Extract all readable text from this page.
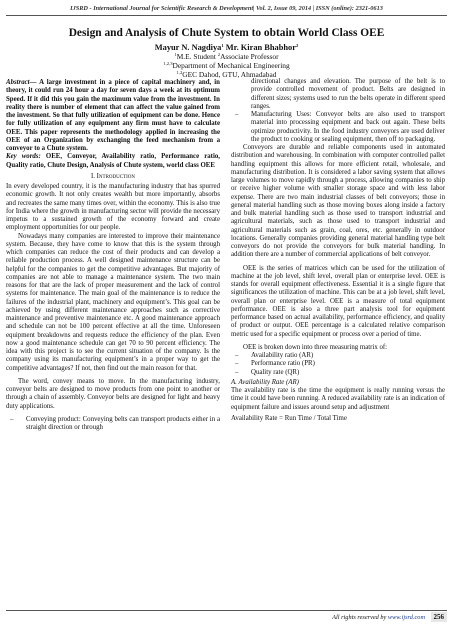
IJSRD - International Journal for Scientific Research & Development| Vol. 2, Issue 09, 2014 | ISSN (online): 2321-0613
Design and Analysis of Chute System to obtain World Class OEE
Mayur N. Nagdiya$^1$ Mr. Kiran Bhabhor$^2$
$^1$M.E. Student $^2$Associate Professor
$^{1,2,3}$Department of Mechanical Engineering
$^{1,2}$GEC Dahod, GTU, Ahmadabad

Abstract— A large investment in a piece of capital machinery and, in theory, it could run 24 hour a day for seven days a week at its optimum Speed. If it did this you gain the maximum value from the investment. In reality there is number of element that can affect the value gained from the investment. So that fully utilization of equipment can be done. Hence for fully utilization of any equipment any firm must have to calculate OEE. This paper represents the methodology applied in increasing the OEE of an Organization by exchanging the feed mechanism from a conveyor to a Chute system.

Key words: OEE, Conveyor, Availability ratio, Performance ratio, Quality ratio, Chute Design, Analysis of Chute system, world class OEE

I. Introduction

In every developed country, it is the manufacturing industry that has spurred economic growth. It not only creates wealth but more importantly, absorbs and recreates the same many times over, within the economy. This is also true for India where the growth in manufacturing sector will provide the necessary impetus to a sustained growth of the economy forward and create employment opportunities for our people.

Nowadays many companies are interested to improve their maintenance system. Because, they have come to know that this is the system through which companies can reduce the cost of their products and can develop a reliable production process. A well designed maintenance structure can be helpful for the companies to get the competitive advantages. But majority of companies are not able to manage a maintenance system. The two main reasons for that are the lack of proper measurement and the lack of control systems for maintenance. The main goal of the maintenance is to reduce the failures of the industrial plant, machinery and equipment’s. This goal can be achieved by using different maintenance approaches such as corrective maintenance and preventive maintenance etc. A good maintenance approach and schedule can not be 100 percent effective at all the time. Unforeseen equipment breakdowns and requests reduce the efficiency of the plan. Even now a good maintenance schedule can get 70 to 90 percent efficiency. The idea with this project is to see the current situation of the company. Is the company using its manufacturing equipment’s in a proper way to get the competitive advantages? If not, then find out the main reason for that.

The word, convey means to move. In the manufacturing industry, conveyor belts are designed to move products from one point to another or through a chain of assembly. Conveyor belts are designed for light and heavy duty applications.

–	Conveying product: Conveying belts can transport products either in a straight direction or through
directional changes and elevation. The purpose of the belt is to provide controlled movement of product. Belts are designed in different sizes; systems used to run the belts operate in different speed ranges.
–	Manufacturing Uses: Conveyor belts are also used to transport material into processing equipment and back out again. These belts optimize productivity. In the food industry conveyors are used deliver the product to cooking or sealing equipment, then off to packaging.

Conveyors are durable and reliable components used in automated distribution and warehousing. In combination with computer controlled pallet handling equipment this allows for more efficient retail, wholesale, and manufacturing distribution. It is considered a labor saving system that allows large volumes to move rapidly through a process, allowing companies to ship or receive higher volume with smaller storage space and with less labor expense. There are two main industrial classes of belt conveyors; those in general material handling such as those moving boxes along inside a factory and bulk material handling such as those used to transport industrial and agricultural materials, such as those used to transport industrial and agricultural materials such as grain, coal, ores, etc. generally in outdoor locations. Generally companies providing general material handling type belt conveyors do not provide the conveyors for bulk material handling. In addition there are a number of commercial applications of belt conveyor.

OEE is the series of matrices which can be used for the utilization of machine at the job level, shift level, overall plan or enterprise level. OEE is stands for overall equipment effectiveness. Essential it is a single figure that significances the utilization of machine. This can be at a job level, shift level, overall plan or enterprise level. OEE is a measure of total equipment performance. OEE is also a three part analysis tool for equipment performance based on actual availability, performance efficiency, and quality of product or output. OEE percentage is a calculated relative comparison metric used for a specific equipment or process over a period of time.

OEE is broken down into three measuring matrix of:

–	Availability ratio (AR)
–	Performance ratio (PR)
–	Quality rate (QR)

A. Availability Rate (AR)

The availability rate is the time the equipment is really running versus the time it could have been running. A reduced availability rate is an indication of equipment failure and issues around setup and adjustment

Availability Rate = Run Time / Total Time

All rights reserved by www.ijsrd.com	256
